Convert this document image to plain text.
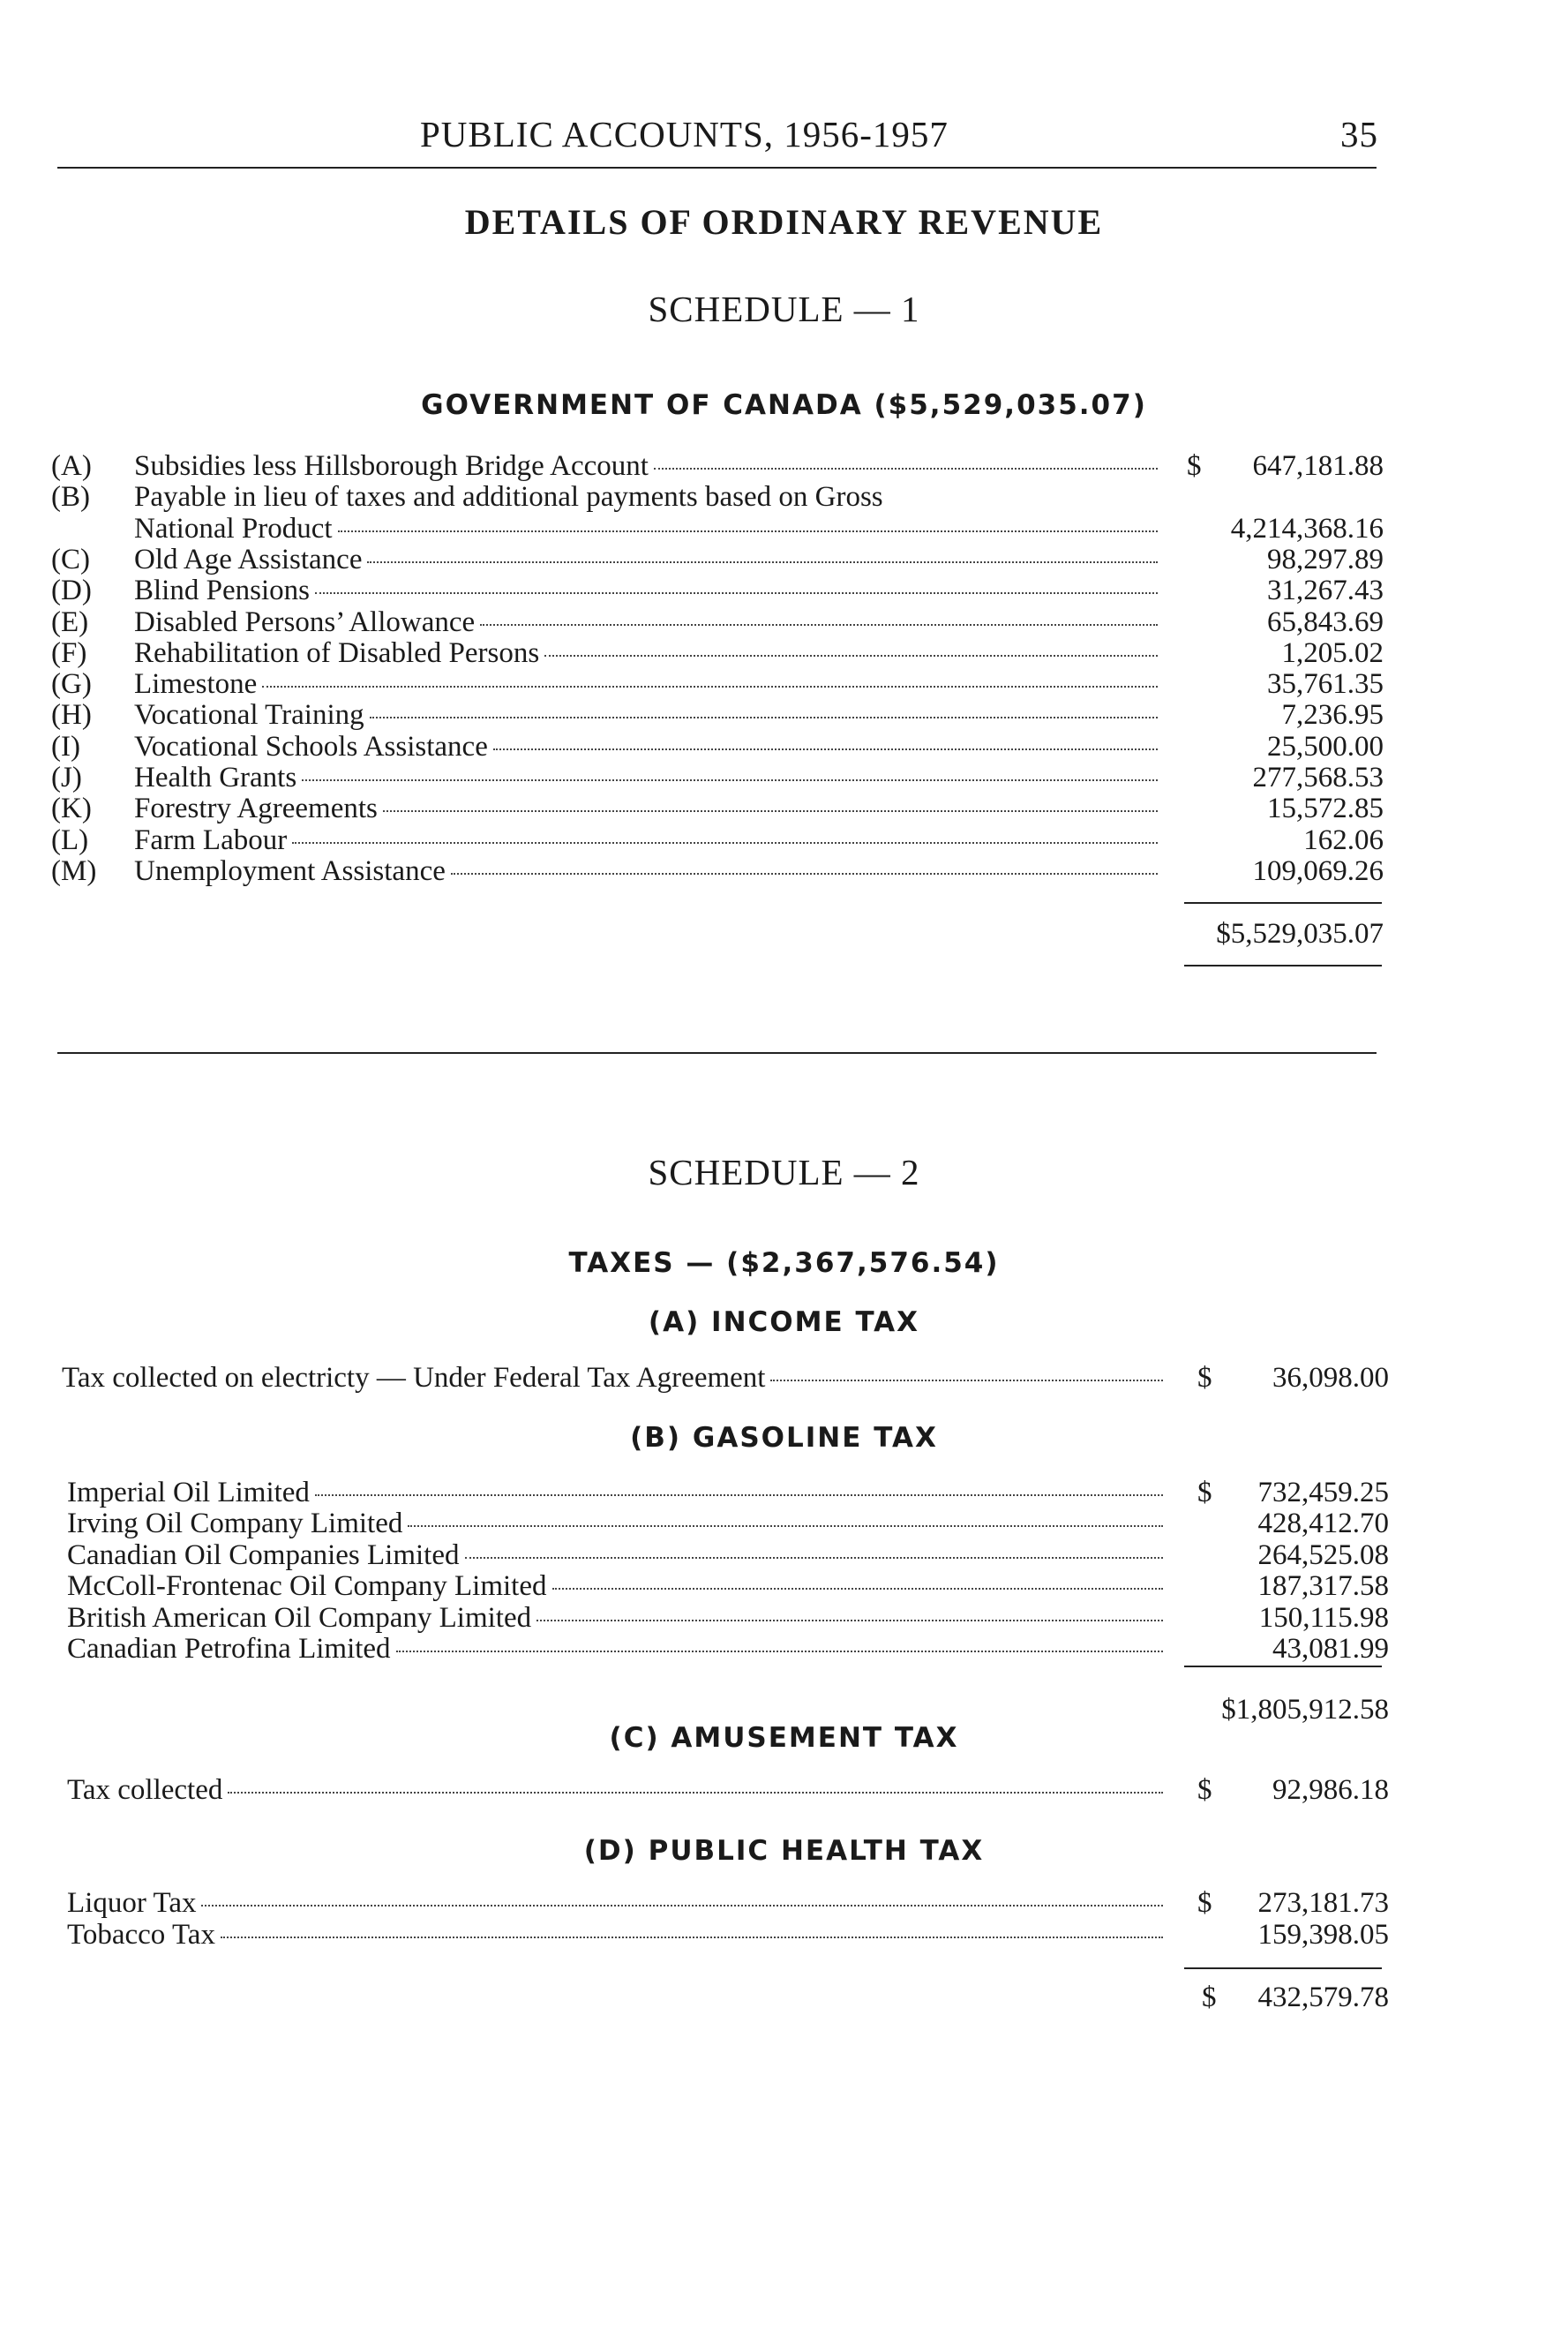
PUBLIC ACCOUNTS, 1956-1957	35
DETAILS OF ORDINARY REVENUE
SCHEDULE — 1
GOVERNMENT OF CANADA ($5,529,035.07)
(A) Subsidies less Hillsborough Bridge Account	$	647,181.88
(B) Payable in lieu of taxes and additional payments based on Gross
National Product	4,214,368.16
(C) Old Age Assistance	98,297.89
(D) Blind Pensions	31,267.43
(E) Disabled Persons’ Allowance	65,843.69
(F) Rehabilitation of Disabled Persons	1,205.02
(G) Limestone	35,761.35
(H) Vocational Training	7,236.95
(I) Vocational Schools Assistance	25,500.00
(J) Health Grants	277,568.53
(K) Forestry Agreements	15,572.85
(L) Farm Labour	162.06
(M) Unemployment Assistance	109,069.26
$5,529,035.07
SCHEDULE — 2
TAXES — ($2,367,576.54)
(A) INCOME TAX
Tax collected on electricty — Under Federal Tax Agreement	$	36,098.00
(B) GASOLINE TAX
Imperial Oil Limited	$	732,459.25
Irving Oil Company Limited	428,412.70
Canadian Oil Companies Limited	264,525.08
McColl-Frontenac Oil Company Limited	187,317.58
British American Oil Company Limited	150,115.98
Canadian Petrofina Limited	43,081.99
$1,805,912.58
(C) AMUSEMENT TAX
Tax collected	$	92,986.18
(D) PUBLIC HEALTH TAX
Liquor Tax	$	273,181.73
Tobacco Tax	159,398.05
$	432,579.78
